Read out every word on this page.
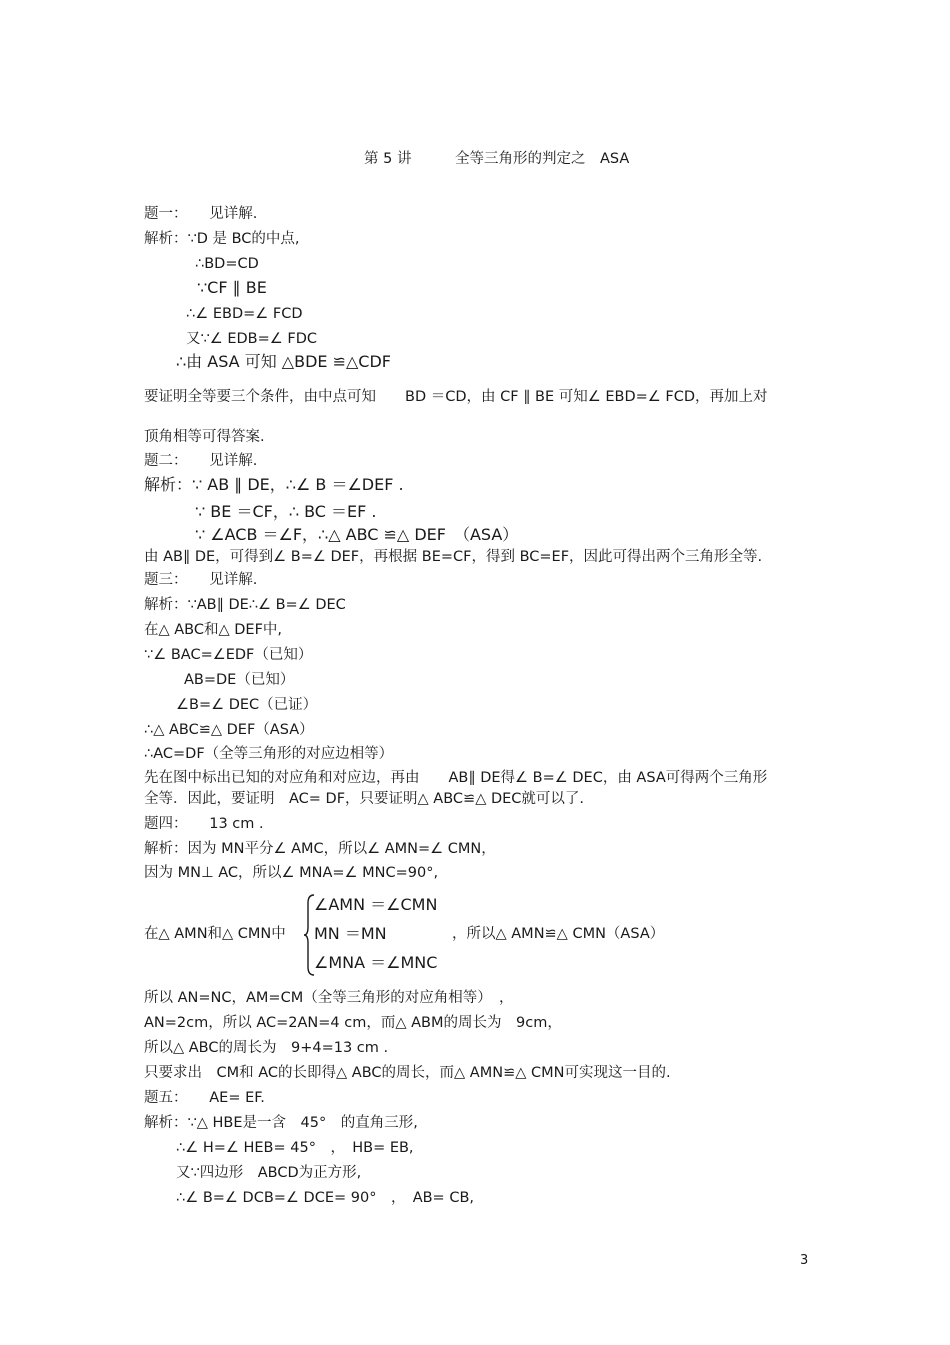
第 5 讲　　　全等三角形的判定之　ASA
题一：　　见详解.
解析：∵D 是 BC的中点,
∴BD=CD
∵CF ∥ BE
∴∠ EBD=∠ FCD
又∵∠ EDB=∠ FDC
∴由 ASA 可知 △BDE ≌△CDF
要证明全等要三个条件，由中点可知　　BD ＝CD，由 CF ∥ BE 可知∠ EBD=∠ FCD，再加上对
顶角相等可得答案.
题二：　　见详解.
解析：∵ AB ∥ DE，∴∠ B ＝∠DEF .
∵ BE ＝CF，∴ BC ＝EF .
∵ ∠ACB ＝∠F，∴△ ABC ≌△ DEF　（ASA）
由 AB∥ DE，可得到∠ B=∠ DEF，再根据 BE=CF，得到 BC=EF，因此可得出两个三角形全等.
题三：　　见详解.
解析：∵AB∥ DE∴∠ B=∠ DEC
在△ ABC和△ DEF中,
∵∠ BAC=∠EDF（已知）
AB=DE（已知）
∠B=∠ DEC（已证）
∴△ ABC≌△ DEF（ASA）
∴AC=DF（全等三角形的对应边相等）
先在图中标出已知的对应角和对应边，再由　　AB∥ DE得∠ B=∠ DEC，由 ASA可得两个三角形
全等．因此，要证明　AC= DF，只要证明△ ABC≌△ DEC就可以了.
题四：　　13 cm .
解析：因为 MN平分∠ AMC，所以∠ AMN=∠ CMN，
因为 MN⊥ AC，所以∠ MNA=∠ MNC=90°,
在△ AMN和△ CMN中
∠AMN ＝∠CMN
MN ＝MN
∠MNA ＝∠MNC
，所以△ AMN≌△ CMN（ASA）
所以 AN=NC，AM=CM（全等三角形的对应角相等）　，
AN=2cm，所以 AC=2AN=4 cm，而△ ABM的周长为　9cm，
所以△ ABC的周长为　9+4=13 cm .
只要求出　CM和 AC的长即得△ ABC的周长，而△ AMN≌△ CMN可实现这一目的.
题五：　　AE= EF.
解析：∵△ HBE是一含　45°　的直角三形,
∴∠ H=∠ HEB= 45°　，　HB= EB,
又∵四边形　ABCD为正方形,
∴∠ B=∠ DCB=∠ DCE= 90°　，　AB= CB,
3
